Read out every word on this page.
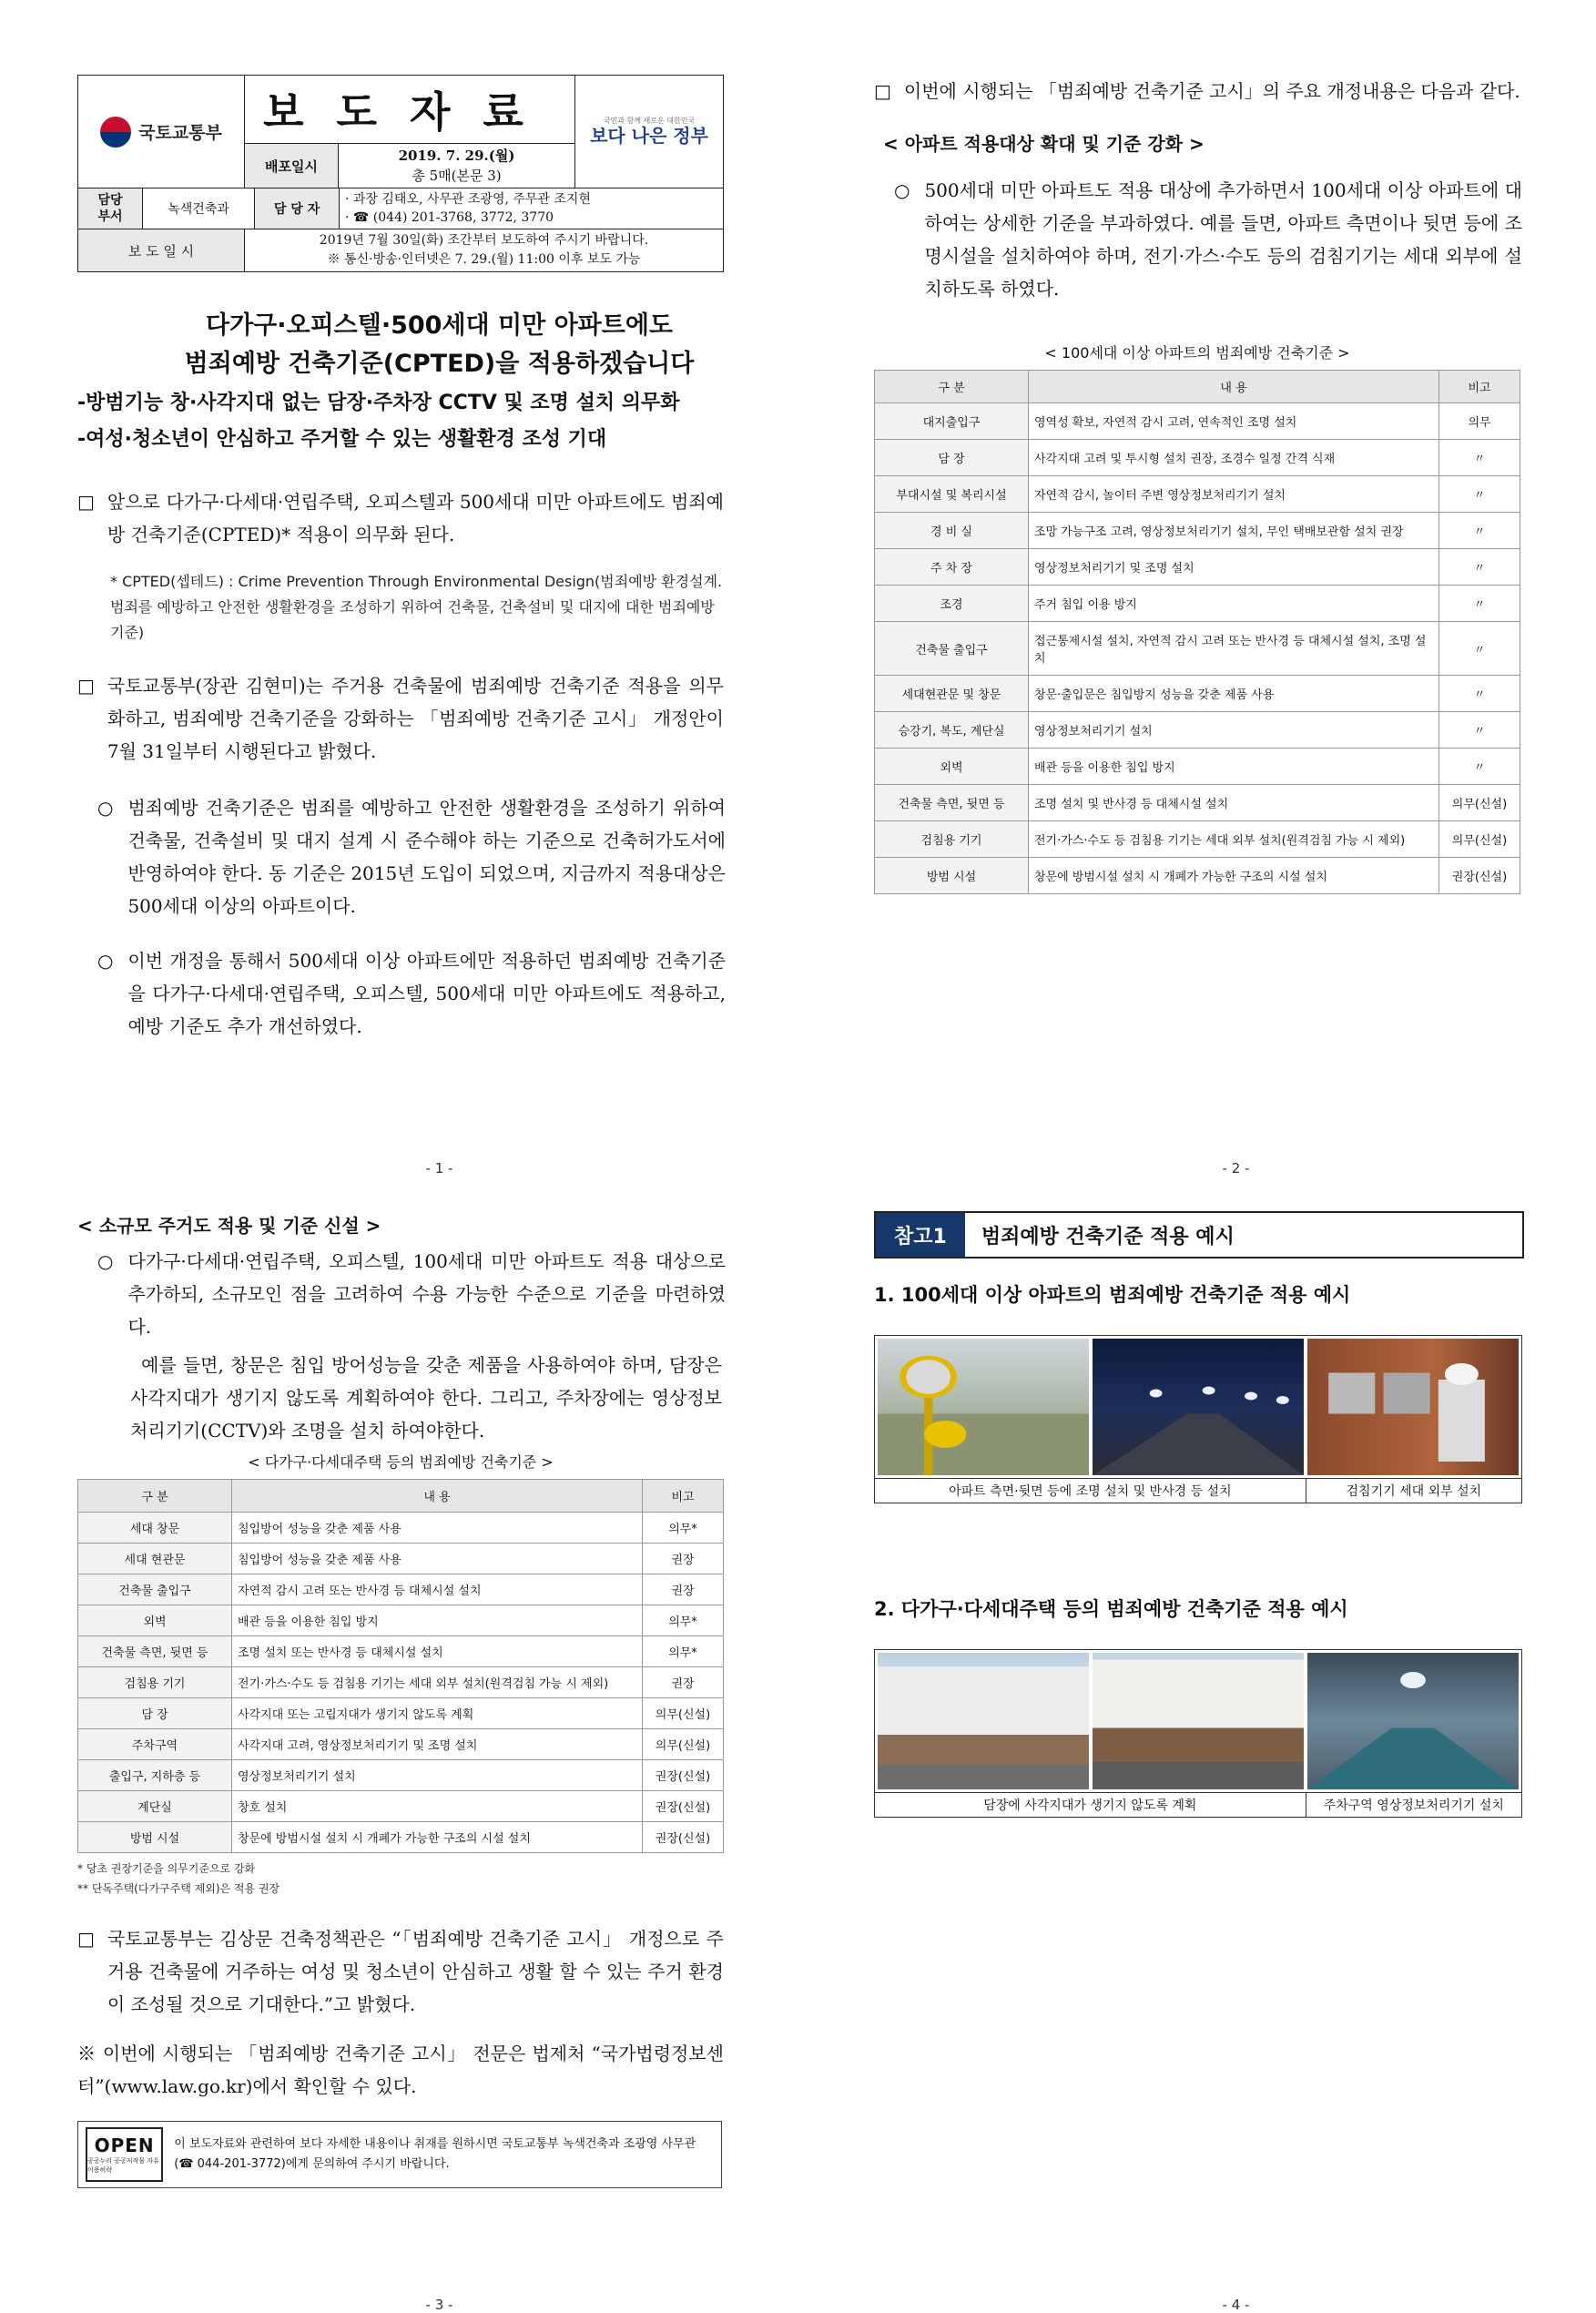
국토교통부	보도자료	국민과 함께 새로운 대한민국
보다 나은 정부

배포일시	
2019. 7. 29.(월)
총 5매(본문 3)

담당
부서	녹색건축과	담 당 자	
· 과장 김태오, 사무관 조광영, 주무관 조지현
· ☎ (044) 201-3768, 3772, 3770

보 도 일 시	
2019년 7월 30일(화) 조간부터 보도하여 주시기 바랍니다.
※ 통신·방송·인터넷은 7. 29.(월) 11:00 이후 보도 가능
다가구·오피스텔·500세대 미만 아파트에도
범죄예방 건축기준(CPTED)을 적용하겠습니다
-방범기능 창·사각지대 없는 담장·주차장 CCTV 및 조명 설치 의무화
-여성·청소년이 안심하고 주거할 수 있는 생활환경 조성 기대
□ 앞으로 다가구·다세대·연립주택, 오피스텔과 500세대 미만 아파트에도 범죄예방 건축기준(CPTED)* 적용이 의무화 된다.

* CPTED(셉테드) : Crime Prevention Through Environmental Design(범죄예방 환경설계. 범죄를 예방하고 안전한 생활환경을 조성하기 위하여 건축물, 건축설비 및 대지에 대한 범죄예방 기준)

□ 국토교통부(장관 김현미)는 주거용 건축물에 범죄예방 건축기준 적용을 의무화하고, 범죄예방 건축기준을 강화하는 「범죄예방 건축기준 고시」 개정안이 7월 31일부터 시행된다고 밝혔다.

○ 범죄예방 건축기준은 범죄를 예방하고 안전한 생활환경을 조성하기 위하여 건축물, 건축설비 및 대지 설계 시 준수해야 하는 기준으로 건축허가도서에 반영하여야 한다. 동 기준은 2015년 도입이 되었으며, 지금까지 적용대상은 500세대 이상의 아파트이다.

○ 이번 개정을 통해서 500세대 이상 아파트에만 적용하던 범죄예방 건축기준을 다가구·다세대·연립주택, 오피스텔, 500세대 미만 아파트에도 적용하고, 예방 기준도 추가 개선하였다.

- 1 -
□ 이번에 시행되는 「범죄예방 건축기준 고시」의 주요 개정내용은 다음과 같다.

< 아파트 적용대상 확대 및 기준 강화 >
○ 500세대 미만 아파트도 적용 대상에 추가하면서 100세대 이상 아파트에 대하여는 상세한 기준을 부과하였다. 예를 들면, 아파트 측면이나 뒷면 등에 조명시설을 설치하여야 하며, 전기·가스·수도 등의 검침기기는 세대 외부에 설치하도록 하였다.

< 100세대 이상 아파트의 범죄예방 건축기준 >

구 분	내 용	비고
대지출입구	영역성 확보, 자연적 감시 고려, 연속적인 조명 설치	의무
담 장	사각지대 고려 및 투시형 설치 권장, 조경수 일정 간격 식재	〃
부대시설 및 복리시설	자연적 감시, 놀이터 주변 영상정보처리기기 설치	〃
경 비 실	조망 가능구조 고려, 영상정보처리기기 설치, 무인 택배보관함 설치 권장	〃
주 차 장	영상정보처리기기 및 조명 설치	〃
조경	주거 침입 이용 방지	〃
건축물 출입구	접근통제시설 설치, 자연적 감시 고려 또는 반사경 등 대체시설 설치, 조명 설치	〃
세대현관문 및 창문	창문·출입문은 침입방지 성능을 갖춘 제품 사용	〃
승강기, 복도, 계단실	영상정보처리기기 설치	〃
외벽	배관 등을 이용한 침입 방지	〃
건축물 측면, 뒷면 등	조명 설치 및 반사경 등 대체시설 설치	의무(신설)
검침용 기기	전기·가스·수도 등 검침용 기기는 세대 외부 설치(원격검침 가능 시 제외)	의무(신설)
방범 시설	창문에 방범시설 설치 시 개폐가 가능한 구조의 시설 설치	권장(신설)
- 2 -
< 소규모 주거도 적용 및 기준 신설 >
○ 다가구·다세대·연립주택, 오피스텔, 100세대 미만 아파트도 적용 대상으로 추가하되, 소규모인 점을 고려하여 수용 가능한 수준으로 기준을 마련하였다.

예를 들면, 창문은 침입 방어성능을 갖춘 제품을 사용하여야 하며, 담장은 사각지대가 생기지 않도록 계획하여야 한다. 그리고, 주차장에는 영상정보처리기기(CCTV)와 조명을 설치 하여야한다.

< 다가구·다세대주택 등의 범죄예방 건축기준 >

구 분	내 용	비고
세대 창문	침입방어 성능을 갖춘 제품 사용	의무*
세대 현관문	침입방어 성능을 갖춘 제품 사용	권장
건축물 출입구	자연적 감시 고려 또는 반사경 등 대체시설 설치	권장
외벽	배관 등을 이용한 침입 방지	의무*
건축물 측면, 뒷면 등	조명 설치 또는 반사경 등 대체시설 설치	의무*
검침용 기기	전기·가스·수도 등 검침용 기기는 세대 외부 설치(원격검침 가능 시 제외)	권장
담 장	사각지대 또는 고립지대가 생기지 않도록 계획	의무(신설)
주차구역	사각지대 고려, 영상정보처리기기 및 조명 설치	의무(신설)
출입구, 지하층 등	영상정보처리기기 설치	권장(신설)
계단실	창호 설치	권장(신설)
방범 시설	창문에 방범시설 설치 시 개폐가 가능한 구조의 시설 설치	권장(신설)
* 당초 권장기준을 의무기준으로 강화
** 단독주택(다가구주택 제외)은 적용 권장
□ 국토교통부는 김상문 건축정책관은 “「범죄예방 건축기준 고시」 개정으로 주거용 건축물에 거주하는 여성 및 청소년이 안심하고 생활 할 수 있는 주거 환경이 조성될 것으로 기대한다.”고 밝혔다.

※ 이번에 시행되는 「범죄예방 건축기준 고시」 전문은 법제처 “국가법령정보센터”(www.law.go.kr)에서 확인할 수 있다.

OPEN
공공누리 공공저작물 자유이용허락

이 보도자료와 관련하여 보다 자세한 내용이나 취재를 원하시면 국토교통부 녹색건축과 조광영 사무관(☎ 044-201-3772)에게 문의하여 주시기 바랍니다.

- 3 -
참고1	범죄예방 건축기준 적용 예시
1. 100세대 이상 아파트의 범죄예방 건축기준 적용 예시
아파트 측면·뒷면 등에 조명 설치 및 반사경 등 설치	검침기기 세대 외부 설치
2. 다가구·다세대주택 등의 범죄예방 건축기준 적용 예시
담장에 사각지대가 생기지 않도록 계획	주차구역 영상정보처리기기 설치
- 4 -
